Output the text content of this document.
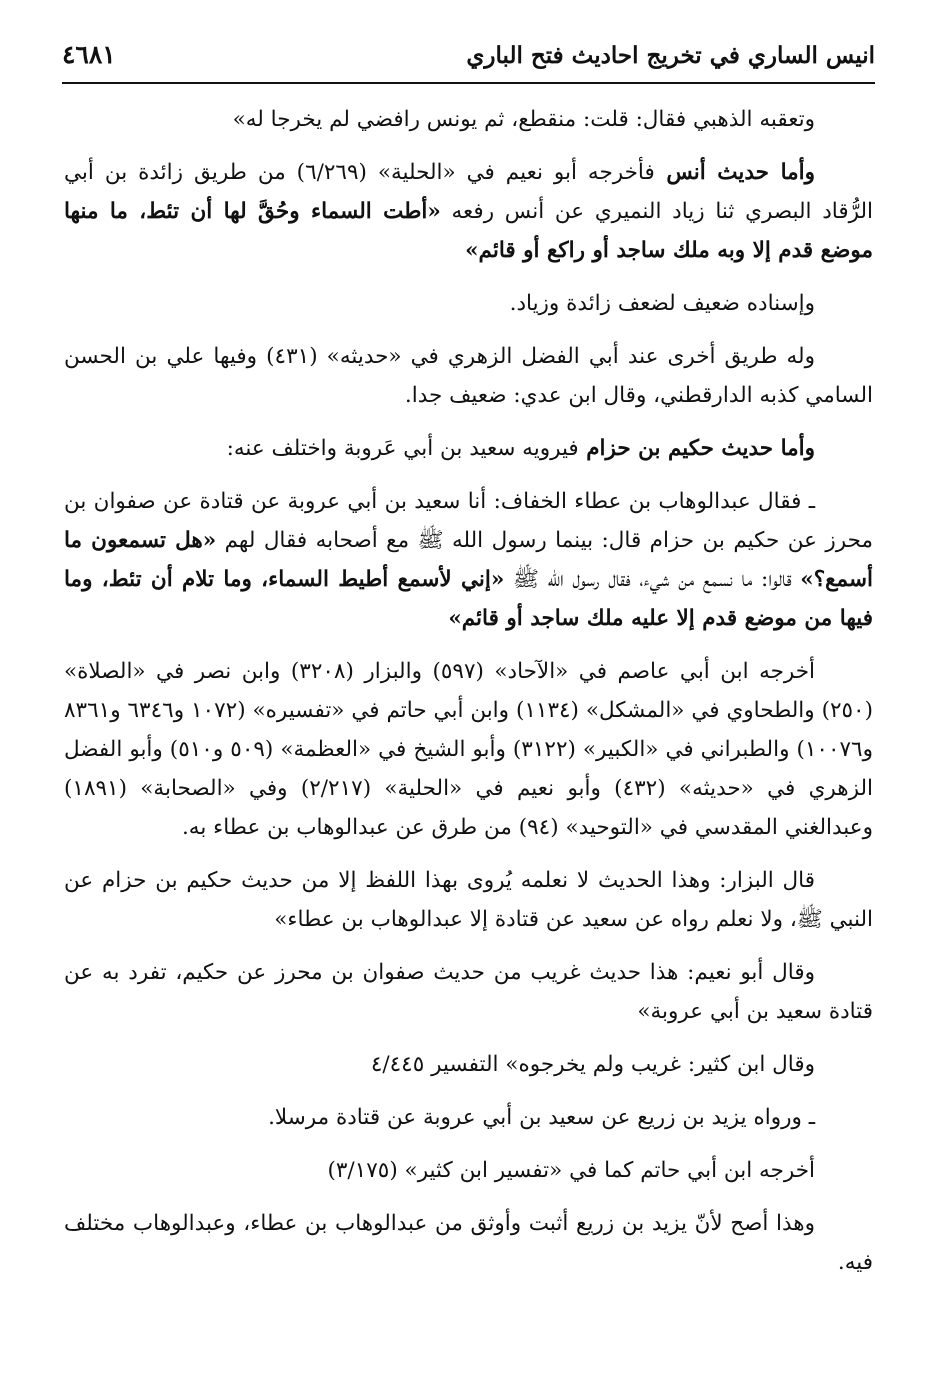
انيس الساري في تخريج احاديث فتح الباري
٤٦٨١

وتعقبه الذهبي فقال: قلت: منقطع، ثم يونس رافضي لم يخرجا له»

وأما حديث أنس فأخرجه أبو نعيم في «الحلية» (٦/٢٦٩) من طريق زائدة بن أبي الرُّقاد البصري ثنا زياد النميري عن أنس رفعه «أطت السماء وحُقَّ لها أن تئط، ما منها موضع قدم إلا وبه ملك ساجد أو راكع أو قائم»

وإسناده ضعيف لضعف زائدة وزياد.

وله طريق أخرى عند أبي الفضل الزهري في «حديثه» (٤٣١) وفيها علي بن الحسن السامي كذبه الدارقطني، وقال ابن عدي: ضعيف جدا.

وأما حديث حكيم بن حزام فيرويه سعيد بن أبي عَروبة واختلف عنه:

ـ فقال عبدالوهاب بن عطاء الخفاف: أنا سعيد بن أبي عروبة عن قتادة عن صفوان بن محرز عن حكيم بن حزام قال: بينما رسول الله ﷺ مع أصحابه فقال لهم «هل تسمعون ما أسمع؟» قالوا: ما نسمع من شيء، فقال رسول الله ﷺ «إني لأسمع أطيط السماء، وما تلام أن تئط، وما فيها من موضع قدم إلا عليه ملك ساجد أو قائم»

أخرجه ابن أبي عاصم في «الآحاد» (٥٩٧) والبزار (٣٢٠٨) وابن نصر في «الصلاة» (٢٥٠) والطحاوي في «المشكل» (١١٣٤) وابن أبي حاتم في «تفسيره» (١٠٧٢ و٦٣٤٦ و٨٣٦١ و١٠٠٧٦) والطبراني في «الكبير» (٣١٢٢) وأبو الشيخ في «العظمة» (٥٠٩ و٥١٠) وأبو الفضل الزهري في «حديثه» (٤٣٢) وأبو نعيم في «الحلية» (٢/٢١٧) وفي «الصحابة» (١٨٩١) وعبدالغني المقدسي في «التوحيد» (٩٤) من طرق عن عبدالوهاب بن عطاء به.

قال البزار: وهذا الحديث لا نعلمه يُروى بهذا اللفظ إلا من حديث حكيم بن حزام عن النبي ﷺ، ولا نعلم رواه عن سعيد عن قتادة إلا عبدالوهاب بن عطاء»

وقال أبو نعيم: هذا حديث غريب من حديث صفوان بن محرز عن حكيم، تفرد به عن قتادة سعيد بن أبي عروبة»

وقال ابن كثير: غريب ولم يخرجوه» التفسير ٤/٤٤٥

ـ ورواه يزيد بن زريع عن سعيد بن أبي عروبة عن قتادة مرسلا.

أخرجه ابن أبي حاتم كما في «تفسير ابن كثير» (٣/١٧٥)

وهذا أصح لأنّ يزيد بن زريع أثبت وأوثق من عبدالوهاب بن عطاء، وعبدالوهاب مختلف فيه.
